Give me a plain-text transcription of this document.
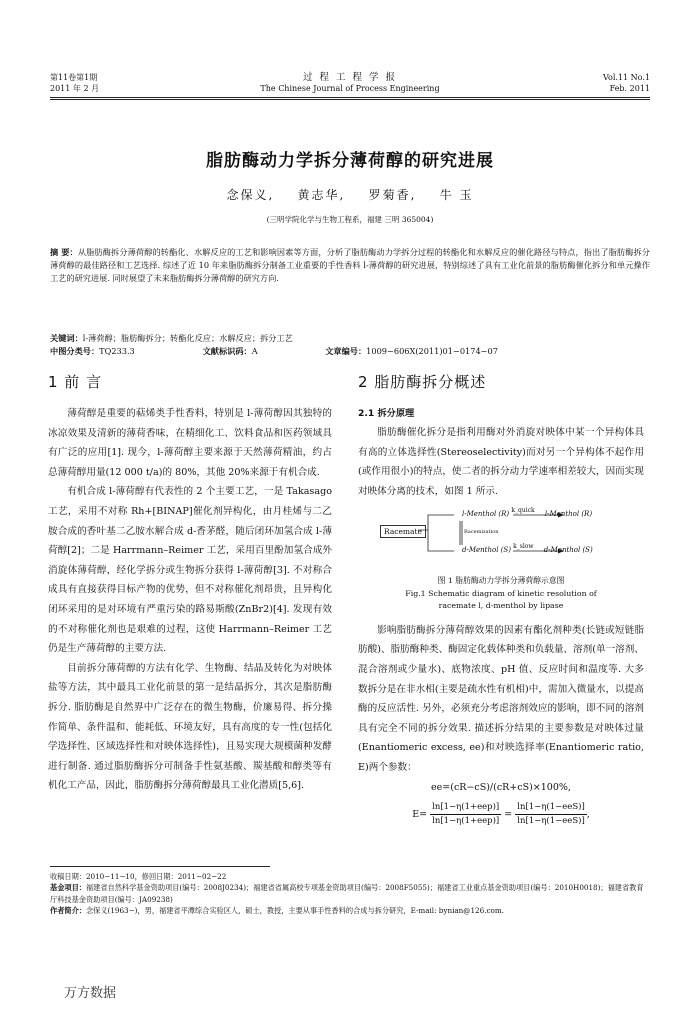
第11卷第1期
2011 年 2 月
过 程 工 程 学 报
The Chinese Journal of Process Engineering
Vol.11 No.1
Feb. 2011
脂肪酶动力学拆分薄荷醇的研究进展
念保义, 黄志华, 罗菊香, 牛 玉
(三明学院化学与生物工程系，福建 三明 365004)
摘 要：从脂肪酶拆分薄荷醇的转酯化、水解反应的工艺和影响因素等方面，分析了脂肪酶动力学拆分过程的转酯化和水解反应的催化路径与特点，指出了脂肪酶拆分薄荷醇的最佳路径和工艺选择. 综述了近 10 年来脂肪酶拆分制备工业重要的手性香料 l-薄荷醇的研究进展，特别综述了具有工业化前景的脂肪酶催化拆分和单元操作工艺的研究进展. 同时展望了未来脂肪酶拆分薄荷醇的研究方向.
关键词：l-薄荷醇；脂肪酶拆分；转酯化反应；水解反应；拆分工艺
中图分类号：TQ233.3	文献标识码：A	文章编号：1009−606X(2011)01−0174−07
1 前 言

薄荷醇是重要的萜烯类手性香料，特别是 l-薄荷醇因其独特的冰凉效果及清新的薄荷香味，在精细化工、饮料食品和医药领域具有广泛的应用[1]. 现今，l-薄荷醇主要来源于天然薄荷精油，约占总薄荷醇用量(12 000 t/a)的 80%，其他 20%来源于有机合成.

有机合成 l-薄荷醇有代表性的 2 个主要工艺，一是 Takasago 工艺，采用不对称 Rh+[BINAP]催化剂异构化，由月桂烯与二乙胺合成的香叶基二乙胺水解合成 d-香茅醛，随后闭环加氢合成 l-薄荷醇[2]；二是 Harrmann–Reimer 工艺，采用百里酚加氢合成外消旋体薄荷醇，经化学拆分或生物拆分获得 l-薄荷醇[3]. 不对称合成具有直接获得目标产物的优势，但不对称催化剂昂贵，且异构化闭环采用的是对环境有严重污染的路易斯酸(ZnBr2)[4]. 发现有效的不对称催化剂也是艰难的过程，这使 Harrmann–Reimer 工艺仍是生产薄荷醇的主要方法.

目前拆分薄荷醇的方法有化学、生物酶、结晶及转化为对映体盐等方法，其中最具工业化前景的第一是结晶拆分，其次是脂肪酶拆分. 脂肪酶是自然界中广泛存在的微生物酶，价廉易得、拆分操作简单、条件温和、能耗低、环境友好，具有高度的专一性(包括化学选择性、区域选择性和对映体选择性)，且易实现大规模菌种发酵进行制备. 通过脂肪酶拆分可制备手性氨基酸、羰基酸和醇类等有机化工产品，因此，脂肪酶拆分薄荷醇最具工业化潜质[5,6].

2 脂肪酶拆分概述
2.1 拆分原理

脂肪酶催化拆分是指利用酶对外消旋对映体中某一个异构体具有高的立体选择性(Stereoselectivity)而对另一个异构体不起作用(或作用很小)的特点，使二者的拆分动力学速率相差较大，因而实现对映体分离的技术，如图 1 所示.

Racemate
l-Menthol (R) k_quick l-Menthol (R)
Racemization
d-Menthol (S) k_slow d-Menthol (S)
图 1 脂肪酶动力学拆分薄荷醇示意图
Fig.1 Schematic diagram of kinetic resolution of
racemate l, d-menthol by lipase

影响脂肪酶拆分薄荷醇效果的因素有酯化剂种类(长链或短链脂肪酸)、脂肪酶种类、酶固定化载体种类和负载量、溶剂(单一溶剂、混合溶剂或少量水)、底物浓度、pH 值、反应时间和温度等. 大多数拆分是在非水相(主要是疏水性有机相)中，需加入微量水，以提高酶的反应活性. 另外，必须充分考虑溶剂效应的影响，即不同的溶剂具有完全不同的拆分效果. 描述拆分结果的主要参数是对映体过量(Enantiomeric excess, ee)和对映选择率(Enantiomeric ratio, E)两个参数：

ee=(cR−cS)/(cR+cS)×100%,
$E= \frac{\text{ln[1−η(1+eep)]}}{\text{ln[1−η(1+eep)]}} = \frac{\text{ln[1−η(1−eeS)]}}{\text{ln[1−η(1−eeS)]}}$ ,
收稿日期：2010−11−10，修回日期：2011−02−22
基金项目：福建省自然科学基金资助项目(编号：2008J0234)；福建省省属高校专项基金资助项目(编号：2008F5055)；福建省工业重点基金资助项目(编号：2010H0018)；福建省教育厅科技基金资助项目(编号：JA09238)
作者简介：念保义(1963−)，男，福建省平潭综合实验区人，硕士，教授，主要从事手性香料的合成与拆分研究，E-mail: bynian@126.com.
万方数据
